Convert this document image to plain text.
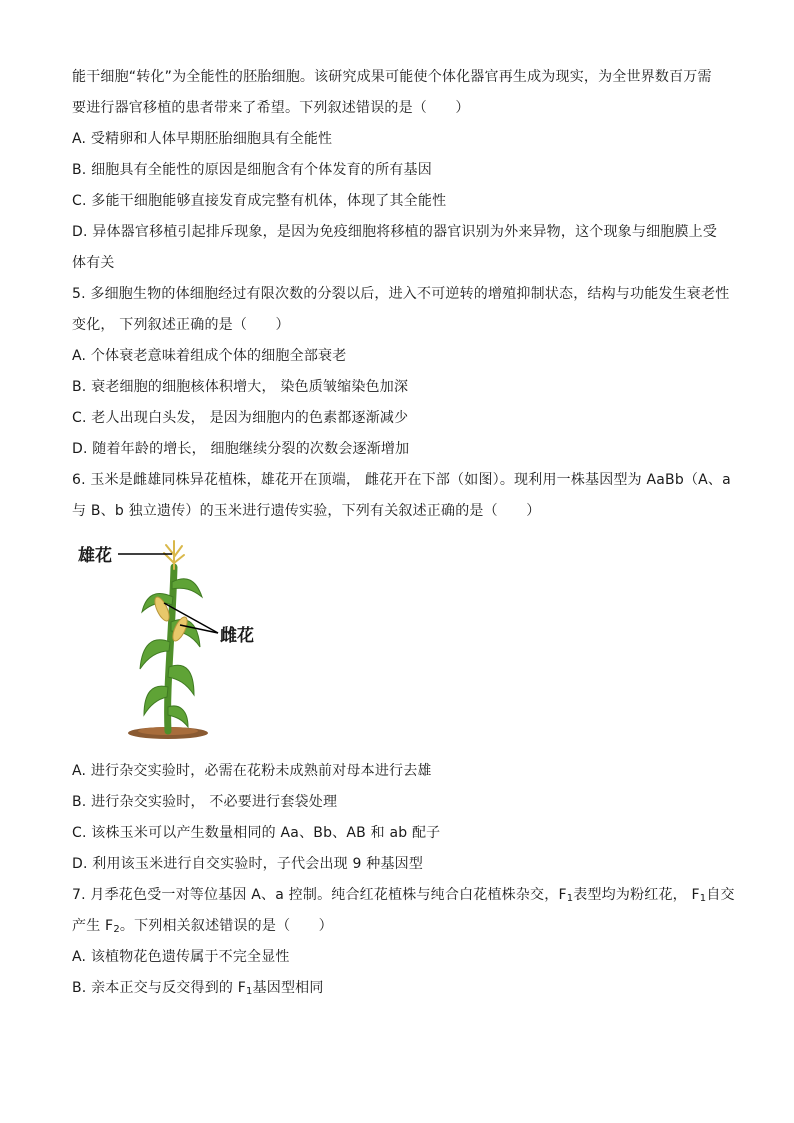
能干细胞“转化”为全能性的胚胎细胞。该研究成果可能使个体化器官再生成为现实，为全世界数百万需
要进行器官移植的患者带来了希望。下列叙述错误的是（　　）
A. 受精卵和人体早期胚胎细胞具有全能性
B. 细胞具有全能性的原因是细胞含有个体发育的所有基因
C. 多能干细胞能够直接发育成完整有机体，体现了其全能性
D. 异体器官移植引起排斥现象，是因为免疫细胞将移植的器官识别为外来异物，这个现象与细胞膜上受
体有关
5. 多细胞生物的体细胞经过有限次数的分裂以后，进入不可逆转的增殖抑制状态，结构与功能发生衰老性
变化， 下列叙述正确的是（　　）
A. 个体衰老意味着组成个体的细胞全部衰老
B. 衰老细胞的细胞核体积增大， 染色质皱缩染色加深
C. 老人出现白头发， 是因为细胞内的色素都逐渐减少
D. 随着年龄的增长， 细胞继续分裂的次数会逐渐增加
6. 玉米是雌雄同株异花植株，雄花开在顶端， 雌花开在下部（如图）。现利用一株基因型为 AaBb（A、a
与 B、b 独立遗传）的玉米进行遗传实验，下列有关叙述正确的是（　　）
雄花
雌花
A. 进行杂交实验时，必需在花粉未成熟前对母本进行去雄
B. 进行杂交实验时， 不必要进行套袋处理
C. 该株玉米可以产生数量相同的 Aa、Bb、AB 和 ab 配子
D. 利用该玉米进行自交实验时，子代会出现 9 种基因型
7. 月季花色受一对等位基因 A、a 控制。纯合红花植株与纯合白花植株杂交，$F_1$表型均为粉红花， $F_1$自交
产生 $F_2$。下列相关叙述错误的是（　　）
A. 该植物花色遗传属于不完全显性
B. 亲本正交与反交得到的 $F_1$基因型相同
